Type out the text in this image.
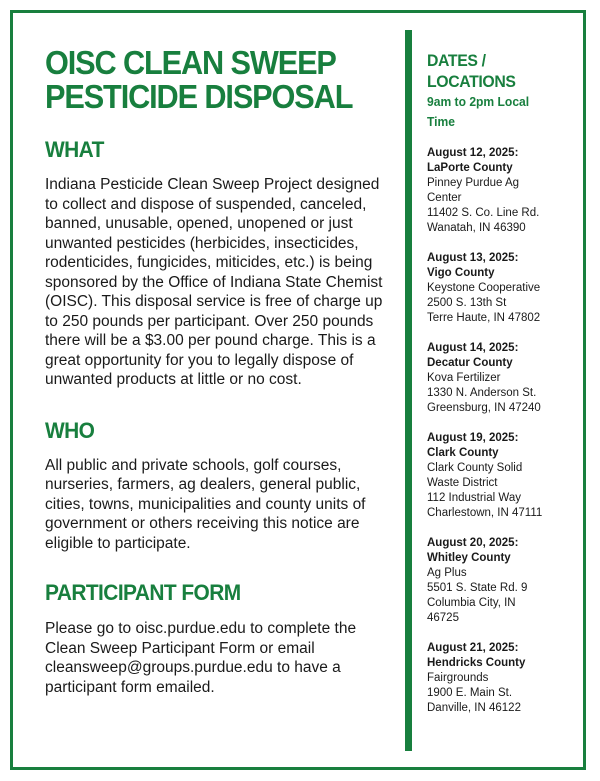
OISC CLEAN SWEEP
PESTICIDE DISPOSAL
WHAT

Indiana Pesticide Clean Sweep Project designed to collect and dispose of suspended, canceled, banned, unusable, opened, unopened or just unwanted pesticides (herbicides, insecticides, rodenticides, fungicides, miticides, etc.) is being sponsored by the Office of Indiana State Chemist (OISC). This disposal service is free of charge up to 250 pounds per participant. Over 250 pounds there will be a $3.00 per pound charge. This is a great opportunity for you to legally dispose of unwanted products at little or no cost.

WHO

All public and private schools, golf courses, nurseries, farmers, ag dealers, general public, cities, towns, municipalities and county units of government or others receiving this notice are eligible to participate.

PARTICIPANT FORM

Please go to oisc.purdue.edu to complete the Clean Sweep Participant Form or email cleansweep@groups.purdue.edu to have a participant form emailed.

DATES /
LOCATIONS
9am to 2pm Local
Time
August 12, 2025:
LaPorte County
Pinney Purdue Ag
Center
11402 S. Co. Line Rd.
Wanatah, IN 46390
August 13, 2025:
Vigo County
Keystone Cooperative
2500 S. 13th St
Terre Haute, IN 47802
August 14, 2025:
Decatur County
Kova Fertilizer
1330 N. Anderson St.
Greensburg, IN 47240
August 19, 2025:
Clark County
Clark County Solid
Waste District
112 Industrial Way
Charlestown, IN 47111
August 20, 2025:
Whitley County
Ag Plus
5501 S. State Rd. 9
Columbia City, IN
46725
August 21, 2025:
Hendricks County
Fairgrounds
1900 E. Main St.
Danville, IN 46122
